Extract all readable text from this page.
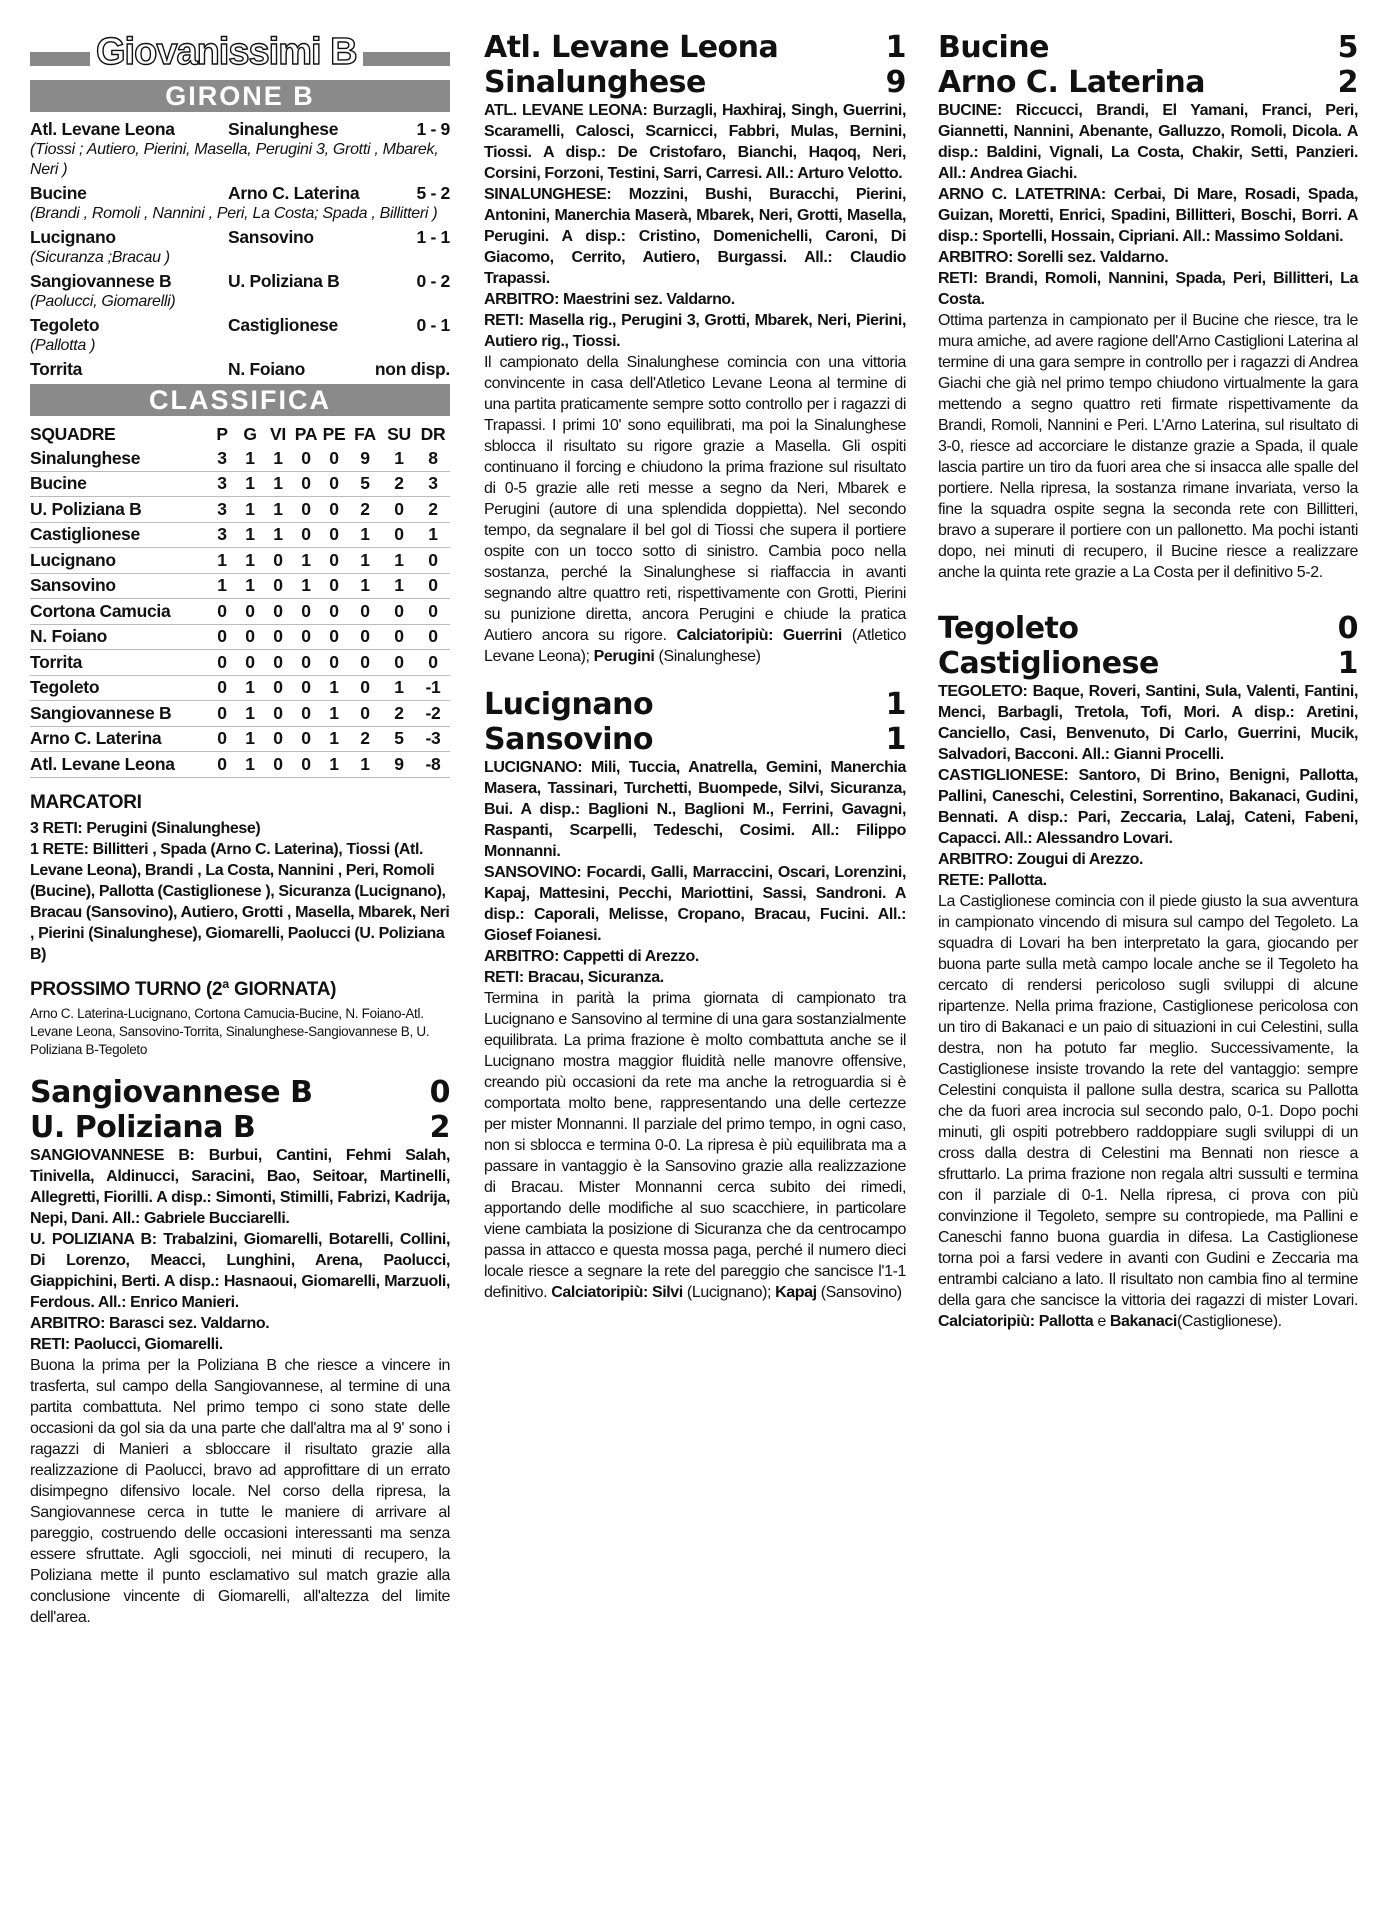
Giovanissimi B
GIRONE B
Atl. Levane Leona	Sinalunghese	1 - 9
(Tiossi ; Autiero, Pierini, Masella, Perugini 3, Grotti , Mbarek, Neri )
Bucine	Arno C. Laterina	5 - 2
(Brandi , Romoli , Nannini , Peri, La Costa; Spada , Billitteri )
Lucignano	Sansovino	1 - 1
(Sicuranza ;Bracau )
Sangiovannese B	U. Poliziana B	0 - 2
(Paolucci, Giomarelli)
Tegoleto	Castiglionese	0 - 1
(Pallotta )
Torrita	N. Foiano	non disp.
CLASSIFICA
SQUADRE	P	G	VI	PA	PE	FA	SU	DR
Sinalunghese	3	1	1	0	0	9	1	8
Bucine	3	1	1	0	0	5	2	3
U. Poliziana B	3	1	1	0	0	2	0	2
Castiglionese	3	1	1	0	0	1	0	1
Lucignano	1	1	0	1	0	1	1	0
Sansovino	1	1	0	1	0	1	1	0
Cortona Camucia	0	0	0	0	0	0	0	0
N. Foiano	0	0	0	0	0	0	0	0
Torrita	0	0	0	0	0	0	0	0
Tegoleto	0	1	0	0	1	0	1	-1
Sangiovannese B	0	1	0	0	1	0	2	-2
Arno C. Laterina	0	1	0	0	1	2	5	-3
Atl. Levane Leona	0	1	0	0	1	1	9	-8
MARCATORI
3 RETI: Perugini (Sinalunghese)
1 RETE: Billitteri , Spada (Arno C. Laterina), Tiossi (Atl. Levane Leona), Brandi , La Costa, Nannini , Peri, Romoli (Bucine), Pallotta (Castiglionese ), Sicuranza (Lucignano), Bracau (Sansovino), Autiero, Grotti , Masella, Mbarek, Neri , Pierini (Sinalunghese), Giomarelli, Paolucci (U. Poliziana B)
PROSSIMO TURNO (2ª GIORNATA)
Arno C. Laterina-Lucignano, Cortona Camucia-Bucine, N. Foiano-Atl. Levane Leona, Sansovino-Torrita, Sinalunghese-Sangiovannese B, U. Poliziana B-Tegoleto
Sangiovannese B	0
U. Poliziana B	2

SANGIOVANNESE B: Burbui, Cantini, Fehmi Salah, Tinivella, Aldinucci, Saracini, Bao, Seitoar, Martinelli, Allegretti, Fiorilli. A disp.: Simonti, Stimilli, Fabrizi, Kadrija, Nepi, Dani. All.: Gabriele Bucciarelli.

U. POLIZIANA B: Trabalzini, Giomarelli, Botarelli, Collini, Di Lorenzo, Meacci, Lunghini, Arena, Paolucci, Giappichini, Berti. A disp.: Hasnaoui, Giomarelli, Marzuoli, Ferdous. All.: Enrico Manieri.

ARBITRO: Barasci sez. Valdarno.

RETI: Paolucci, Giomarelli.

Buona la prima per la Poliziana B che riesce a vincere in trasferta, sul campo della Sangiovannese, al termine di una partita combattuta. Nel primo tempo ci sono state delle occasioni da gol sia da una parte che dall'altra ma al 9' sono i ragazzi di Manieri a sbloccare il risultato grazie alla realizzazione di Paolucci, bravo ad approfittare di un errato disimpegno difensivo locale. Nel corso della ripresa, la Sangiovannese cerca in tutte le maniere di arrivare al pareggio, costruendo delle occasioni interessanti ma senza essere sfruttate. Agli sgoccioli, nei minuti di recupero, la Poliziana mette il punto esclamativo sul match grazie alla conclusione vincente di Giomarelli, all'altezza del limite dell'area.

Atl. Levane Leona	1
Sinalunghese	9

ATL. LEVANE LEONA: Burzagli, Haxhiraj, Singh, Guerrini, Scaramelli, Calosci, Scarnicci, Fabbri, Mulas, Bernini, Tiossi. A disp.: De Cristofaro, Bianchi, Haqoq, Neri, Corsini, Forzoni, Testini, Sarri, Carresi. All.: Arturo Velotto.

SINALUNGHESE: Mozzini, Bushi, Buracchi, Pierini, Antonini, Manerchia Maserà, Mbarek, Neri, Grotti, Masella, Perugini. A disp.: Cristino, Domenichelli, Caroni, Di Giacomo, Cerrito, Autiero, Burgassi. All.: Claudio Trapassi.

ARBITRO: Maestrini sez. Valdarno.

RETI: Masella rig., Perugini 3, Grotti, Mbarek, Neri, Pierini, Autiero rig., Tiossi.

Il campionato della Sinalunghese comincia con una vittoria convincente in casa dell'Atletico Levane Leona al termine di una partita praticamente sempre sotto controllo per i ragazzi di Trapassi. I primi 10' sono equilibrati, ma poi la Sinalunghese sblocca il risultato su rigore grazie a Masella. Gli ospiti continuano il forcing e chiudono la prima frazione sul risultato di 0-5 grazie alle reti messe a segno da Neri, Mbarek e Perugini (autore di una splendida doppietta). Nel secondo tempo, da segnalare il bel gol di Tiossi che supera il portiere ospite con un tocco sotto di sinistro. Cambia poco nella sostanza, perché la Sinalunghese si riaffaccia in avanti segnando altre quattro reti, rispettivamente con Grotti, Pierini su punizione diretta, ancora Perugini e chiude la pratica Autiero ancora su rigore. Calciatoripiù: Guerrini (Atletico Levane Leona); Perugini (Sinalunghese)

Lucignano	1
Sansovino	1

LUCIGNANO: Mili, Tuccia, Anatrella, Gemini, Manerchia Masera, Tassinari, Turchetti, Buompede, Silvi, Sicuranza, Bui. A disp.: Baglioni N., Baglioni M., Ferrini, Gavagni, Raspanti, Scarpelli, Tedeschi, Cosimi. All.: Filippo Monnanni.

SANSOVINO: Focardi, Galli, Marraccini, Oscari, Lorenzini, Kapaj, Mattesini, Pecchi, Mariottini, Sassi, Sandroni. A disp.: Caporali, Melisse, Cropano, Bracau, Fucini. All.: Giosef Foianesi.

ARBITRO: Cappetti di Arezzo.

RETI: Bracau, Sicuranza.

Termina in parità la prima giornata di campionato tra Lucignano e Sansovino al termine di una gara sostanzialmente equilibrata. La prima frazione è molto combattuta anche se il Lucignano mostra maggior fluidità nelle manovre offensive, creando più occasioni da rete ma anche la retroguardia si è comportata molto bene, rappresentando una delle certezze per mister Monnanni. Il parziale del primo tempo, in ogni caso, non si sblocca e termina 0-0. La ripresa è più equilibrata ma a passare in vantaggio è la Sansovino grazie alla realizzazione di Bracau. Mister Monnanni cerca subito dei rimedi, apportando delle modifiche al suo scacchiere, in particolare viene cambiata la posizione di Sicuranza che da centrocampo passa in attacco e questa mossa paga, perché il numero dieci locale riesce a segnare la rete del pareggio che sancisce l'1-1 definitivo. Calciatoripiù: Silvi (Lucignano); Kapaj (Sansovino)

Bucine	5
Arno C. Laterina	2

BUCINE: Riccucci, Brandi, El Yamani, Franci, Peri, Giannetti, Nannini, Abenante, Galluzzo, Romoli, Dicola. A disp.: Baldini, Vignali, La Costa, Chakir, Setti, Panzieri. All.: Andrea Giachi.

ARNO C. LATETRINA: Cerbai, Di Mare, Rosadi, Spada, Guizan, Moretti, Enrici, Spadini, Billitteri, Boschi, Borri. A disp.: Sportelli, Hossain, Cipriani. All.: Massimo Soldani.

ARBITRO: Sorelli sez. Valdarno.

RETI: Brandi, Romoli, Nannini, Spada, Peri, Billitteri, La Costa.

Ottima partenza in campionato per il Bucine che riesce, tra le mura amiche, ad avere ragione dell'Arno Castiglioni Laterina al termine di una gara sempre in controllo per i ragazzi di Andrea Giachi che già nel primo tempo chiudono virtualmente la gara mettendo a segno quattro reti firmate rispettivamente da Brandi, Romoli, Nannini e Peri. L'Arno Laterina, sul risultato di 3-0, riesce ad accorciare le distanze grazie a Spada, il quale lascia partire un tiro da fuori area che si insacca alle spalle del portiere. Nella ripresa, la sostanza rimane invariata, verso la fine la squadra ospite segna la seconda rete con Billitteri, bravo a superare il portiere con un pallonetto. Ma pochi istanti dopo, nei minuti di recupero, il Bucine riesce a realizzare anche la quinta rete grazie a La Costa per il definitivo 5-2.

Tegoleto	0
Castiglionese	1

TEGOLETO: Baque, Roveri, Santini, Sula, Valenti, Fantini, Menci, Barbagli, Tretola, Tofi, Mori. A disp.: Aretini, Canciello, Casi, Benvenuto, Di Carlo, Guerrini, Mucik, Salvadori, Bacconi. All.: Gianni Procelli.

CASTIGLIONESE: Santoro, Di Brino, Benigni, Pallotta, Pallini, Caneschi, Celestini, Sorrentino, Bakanaci, Gudini, Bennati. A disp.: Pari, Zeccaria, Lalaj, Cateni, Fabeni, Capacci. All.: Alessandro Lovari.

ARBITRO: Zougui di Arezzo.

RETE: Pallotta.

La Castiglionese comincia con il piede giusto la sua avventura in campionato vincendo di misura sul campo del Tegoleto. La squadra di Lovari ha ben interpretato la gara, giocando per buona parte sulla metà campo locale anche se il Tegoleto ha cercato di rendersi pericoloso sugli sviluppi di alcune ripartenze. Nella prima frazione, Castiglionese pericolosa con un tiro di Bakanaci e un paio di situazioni in cui Celestini, sulla destra, non ha potuto far meglio. Successivamente, la Castiglionese insiste trovando la rete del vantaggio: sempre Celestini conquista il pallone sulla destra, scarica su Pallotta che da fuori area incrocia sul secondo palo, 0-1. Dopo pochi minuti, gli ospiti potrebbero raddoppiare sugli sviluppi di un cross dalla destra di Celestini ma Bennati non riesce a sfruttarlo. La prima frazione non regala altri sussulti e termina con il parziale di 0-1. Nella ripresa, ci prova con più convinzione il Tegoleto, sempre su contropiede, ma Pallini e Caneschi fanno buona guardia in difesa. La Castiglionese torna poi a farsi vedere in avanti con Gudini e Zeccaria ma entrambi calciano a lato. Il risultato non cambia fino al termine della gara che sancisce la vittoria dei ragazzi di mister Lovari. Calciatoripiù: Pallotta e Bakanaci(Castiglionese).
